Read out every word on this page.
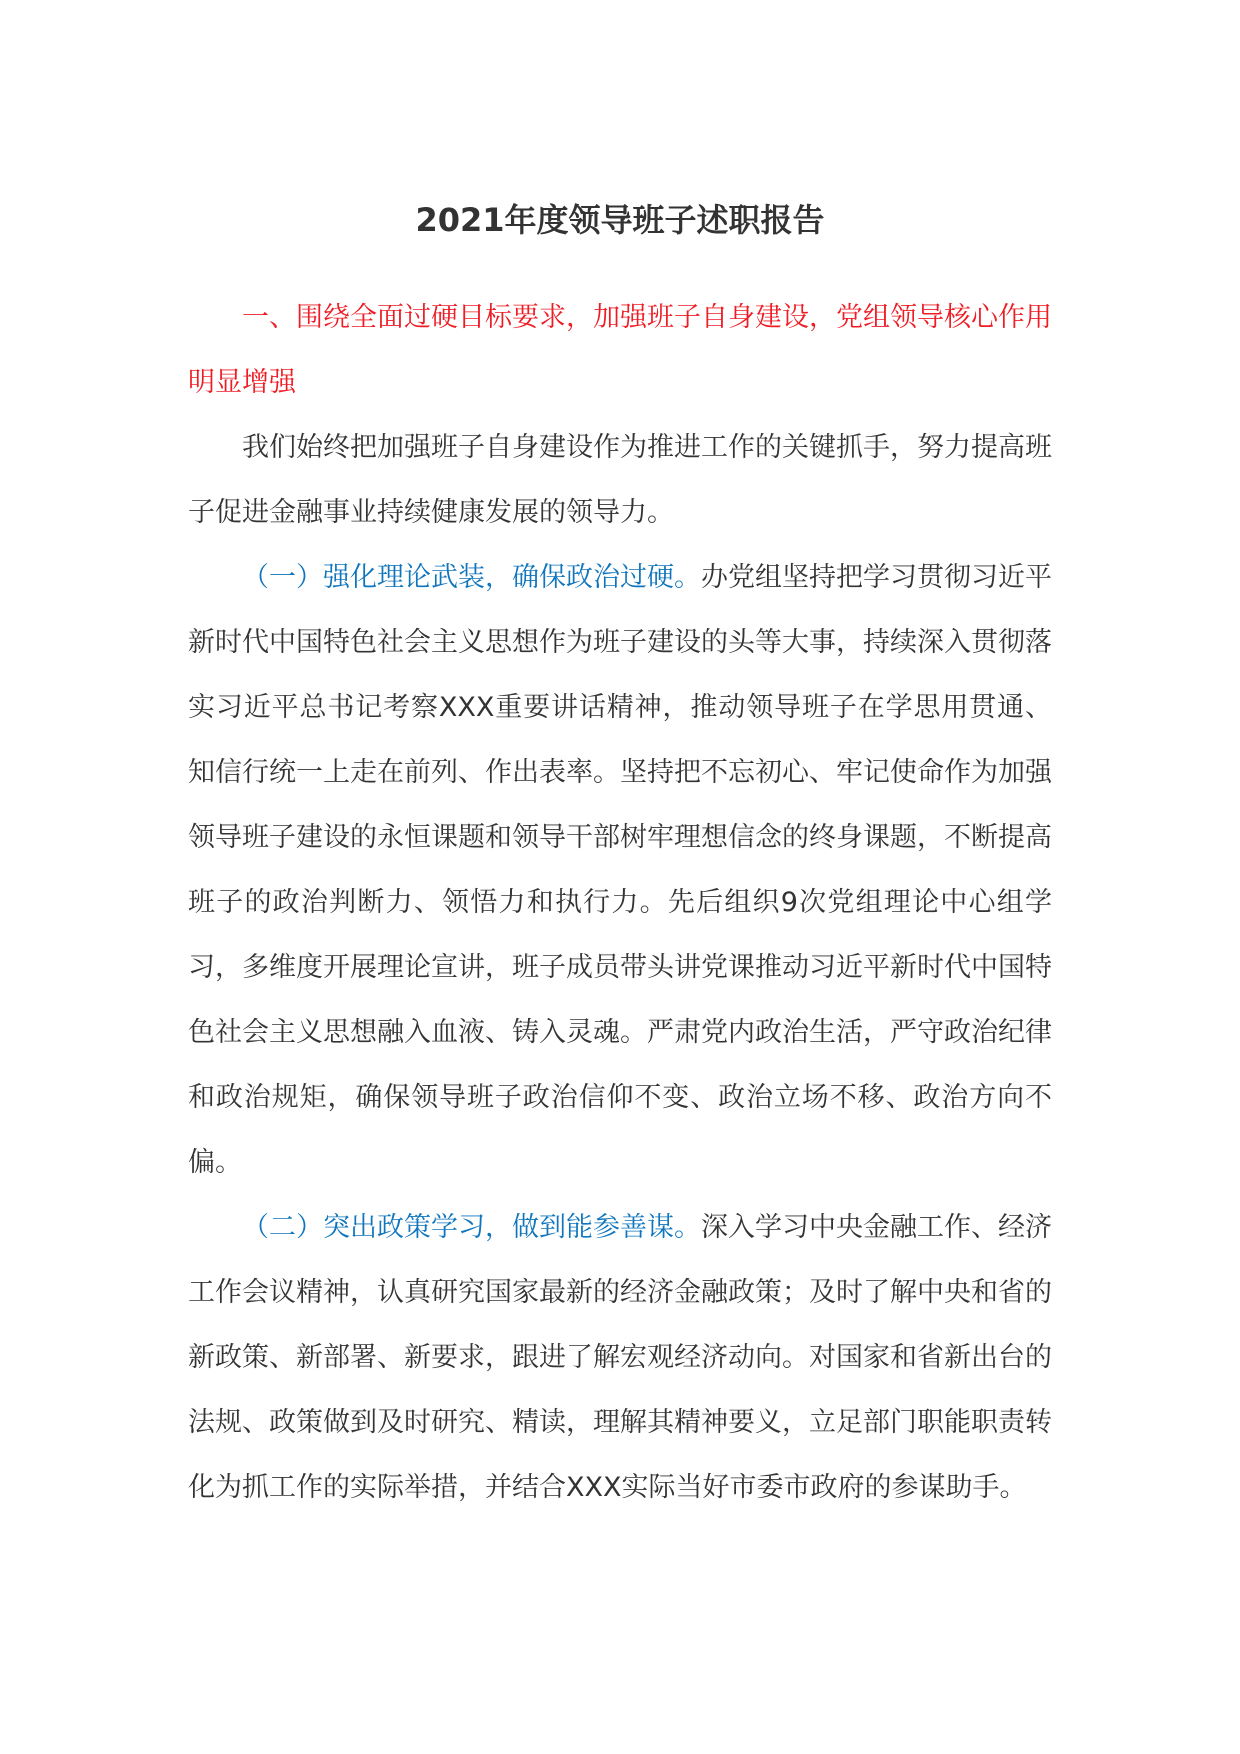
2021年度领导班子述职报告

一、围绕全面过硬目标要求，加强班子自身建设，党组领导核心作用明显增强

我们始终把加强班子自身建设作为推进工作的关键抓手，努力提高班子促进金融事业持续健康发展的领导力。

（一）强化理论武装，确保政治过硬。办党组坚持把学习贯彻习近平新时代中国特色社会主义思想作为班子建设的头等大事，持续深入贯彻落实习近平总书记考察XXX重要讲话精神，推动领导班子在学思用贯通、知信行统一上走在前列、作出表率。坚持把不忘初心、牢记使命作为加强领导班子建设的永恒课题和领导干部树牢理想信念的终身课题，不断提高班子的政治判断力、领悟力和执行力。先后组织9次党组理论中心组学习，多维度开展理论宣讲，班子成员带头讲党课推动习近平新时代中国特色社会主义思想融入血液、铸入灵魂。严肃党内政治生活，严守政治纪律和政治规矩，确保领导班子政治信仰不变、政治立场不移、政治方向不偏。

（二）突出政策学习，做到能参善谋。深入学习中央金融工作、经济工作会议精神，认真研究国家最新的经济金融政策；及时了解中央和省的新政策、新部署、新要求，跟进了解宏观经济动向。对国家和省新出台的法规、政策做到及时研究、精读，理解其精神要义，立足部门职能职责转化为抓工作的实际举措，并结合XXX实际当好市委市政府的参谋助手。
